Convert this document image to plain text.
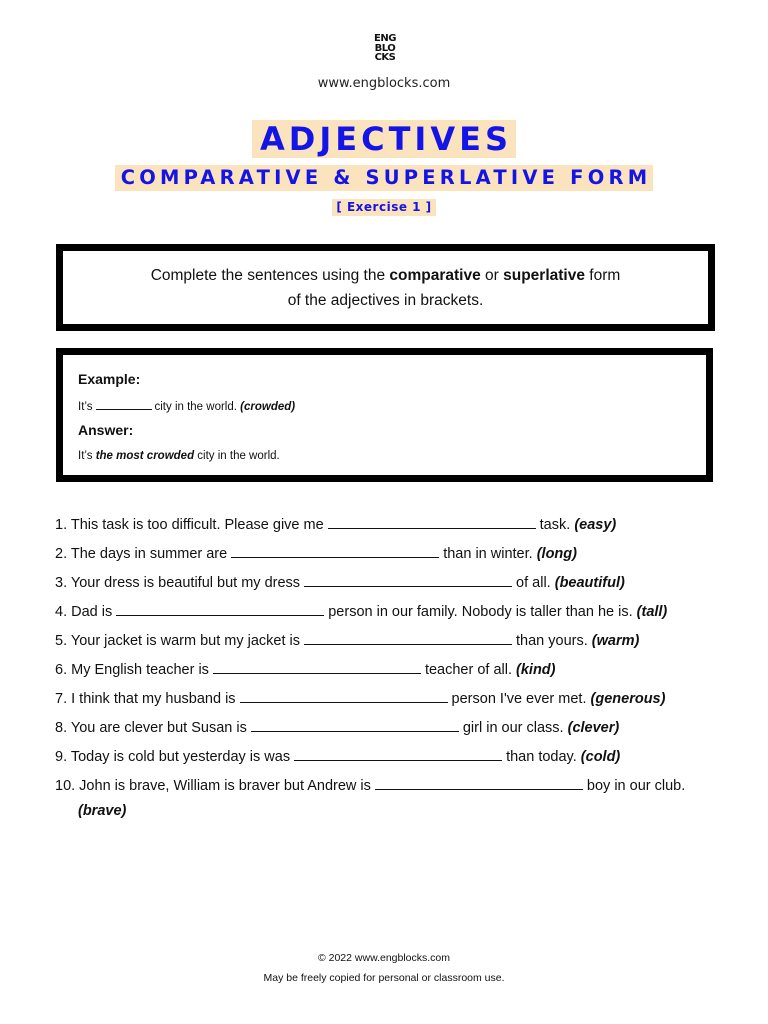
ENG
BLO
CKS
www.engblocks.com
ADJECTIVES
COMPARATIVE & SUPERLATIVE FORM
[ Exercise 1 ]
Complete the sentences using the comparative or superlative form
of the adjectives in brackets.
Example:
It’s	city in the world. (crowded)
Answer:
It’s the most crowded city in the world.
1. This task is too difficult. Please give me	task. (easy)
2. The days in summer are	than in winter. (long)
3. Your dress is beautiful but my dress	of all. (beautiful)
4. Dad is	person in our family. Nobody is taller than he is. (tall)
5. Your jacket is warm but my jacket is	than yours. (warm)
6. My English teacher is	teacher of all. (kind)
7. I think that my husband is	person I've ever met. (generous)
8. You are clever but Susan is	girl in our class. (clever)
9. Today is cold but yesterday is was	than today. (cold)
10. John is brave, William is braver but Andrew is	boy in our club. (brave)
© 2022 www.engblocks.com
May be freely copied for personal or classroom use.
